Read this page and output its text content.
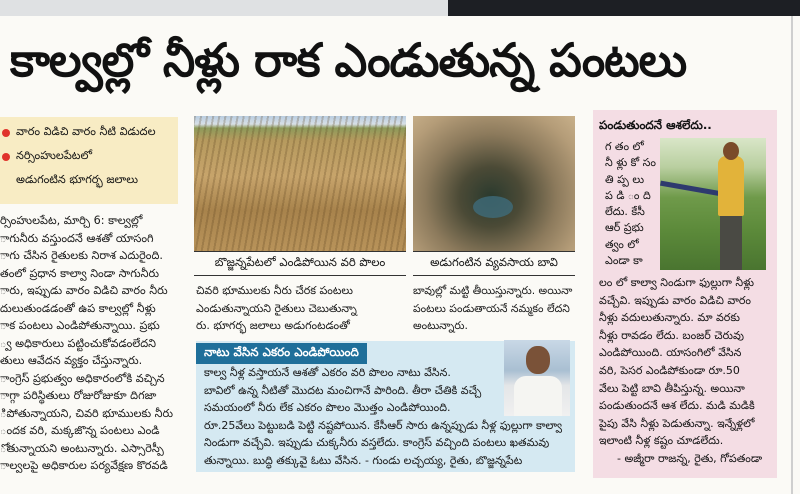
కాల్వల్లో నీళ్లు రాక ఎండుతున్న పంటలు
వారం విడిచి వారం నీటి విడుదల
నర్సింహులపేటలో
అడుగంటిన భూగర్భ జలాలు

ర్సింహులపేట, మార్చి 6: కాల్వల్లో

ాగునీరు వస్తుందనే ఆశతో యాసంగి

ాగు చేసిన రైతులకు నిరాశ ఎదురైంది.

తంలో ప్రధాన కాల్వా నిండా సాగునీరు

ారు, ఇప్పుడు వారం విడిచి వారం నీరు

దులుతుండడంతో ఉప కాల్వల్లో నీళ్లు

ాక పంటలు ఎండిపోతున్నాయి. ప్రభు

్వ అధికారులు పట్టించుకోవడంలేదని

తులు ఆవేదన వ్యక్తం చేస్తున్నారు.

ాంగ్రెస్ ప్రభుత్వం అధికారంలోకి వచ్చిన

ాగ్గా పరిస్థితులు రోజురోజుకూ దిగజా

ిపోతున్నాయని, చివరి భూములకు నీరు

ందక వరి, మక్కజొన్న పంటలు ఎండి

ోతున్నాయని అంటున్నారు. ఎస్సారెస్పీ

ాల్వలపై అధికారుల పర్యవేక్షణ కొరవడి

బొజ్జన్నపేటలో ఎండిపోయిన వరి పొలం	అడుగంటిన వ్యవసాయ బావి

చివరి భూములకు నీరు చేరక పంటలు

ఎండుతున్నాయని రైతులు చెబుతున్నా

రు. భూగర్భ జలాలు అడుగంటడంతో

బావుల్లో మట్టి తీయిస్తున్నారు. అయినా

పంటలు పండుతాయనే నమ్మకం లేదని

అంటున్నారు.

నాటు వేసిన ఎకరం ఎండిపోయింది

కాల్వ నీళ్ల వస్తాయనే ఆశతో ఎకరం వరి పొలం నాటు వేసిన.

బావిలో ఉన్న నీటితో మొదట మంచిగానే పారింది. తీరా చేతికి వచ్చే

సమయంలో నీరు లేక ఎకరం పొలం మొత్తం ఎండిపోయింది.

రూ.25వేలు పెట్టుబడి పెట్టి నష్టపోయిన. కేసీఆర్ సారు ఉన్నప్పుడు నీళ్ల ఫుల్లుగా కాల్వా

నిండుగా వచ్చేవి. ఇప్పుడు చుక్కనీరు వస్తలేదు. కాంగ్రెస్ వచ్చింది పంటలు ఖతమవు

తున్నాయి. బుద్ధి తక్కువై ఓటు వేసిన. - గుండు లచ్చయ్య, రైతు, బొజ్జన్నపేట

పండుతుందనే ఆశలేదు..

గ తం లో

నీ ళ్లు కో సం

తి ప్ప లు

ప డి ం ది

లేదు. కేసీ

ఆర్ ప్రభు

త్వం లో

ఎండా కా

లం లో కాల్వా నిండుగా ఫుల్లుగా నీళ్లు

వచ్చేవి. ఇప్పుడు వారం విడిచి వారం

నీళ్లు వదులుతున్నారు. మా వరకు

నీళ్లు రావడం లేదు. బంజర్ చెరువు

ఎండిపోయింది. యాసంగిలో వేసిన

వరి, పెసర ఎండిపోకుండా రూ.50

వేలు పెట్టి బావి తీపిస్తున్న. అయినా

పండుతుందనే ఆశ లేదు. మడి మడికి

పైపు వేసి నీళ్లు పెడుతున్నా. ఇన్నేళ్లలో

ఇలాంటి నీళ్ల కష్టం చూడలేదు.

- అజ్మీరా రాజన్న, రైతు, గోపతండా
